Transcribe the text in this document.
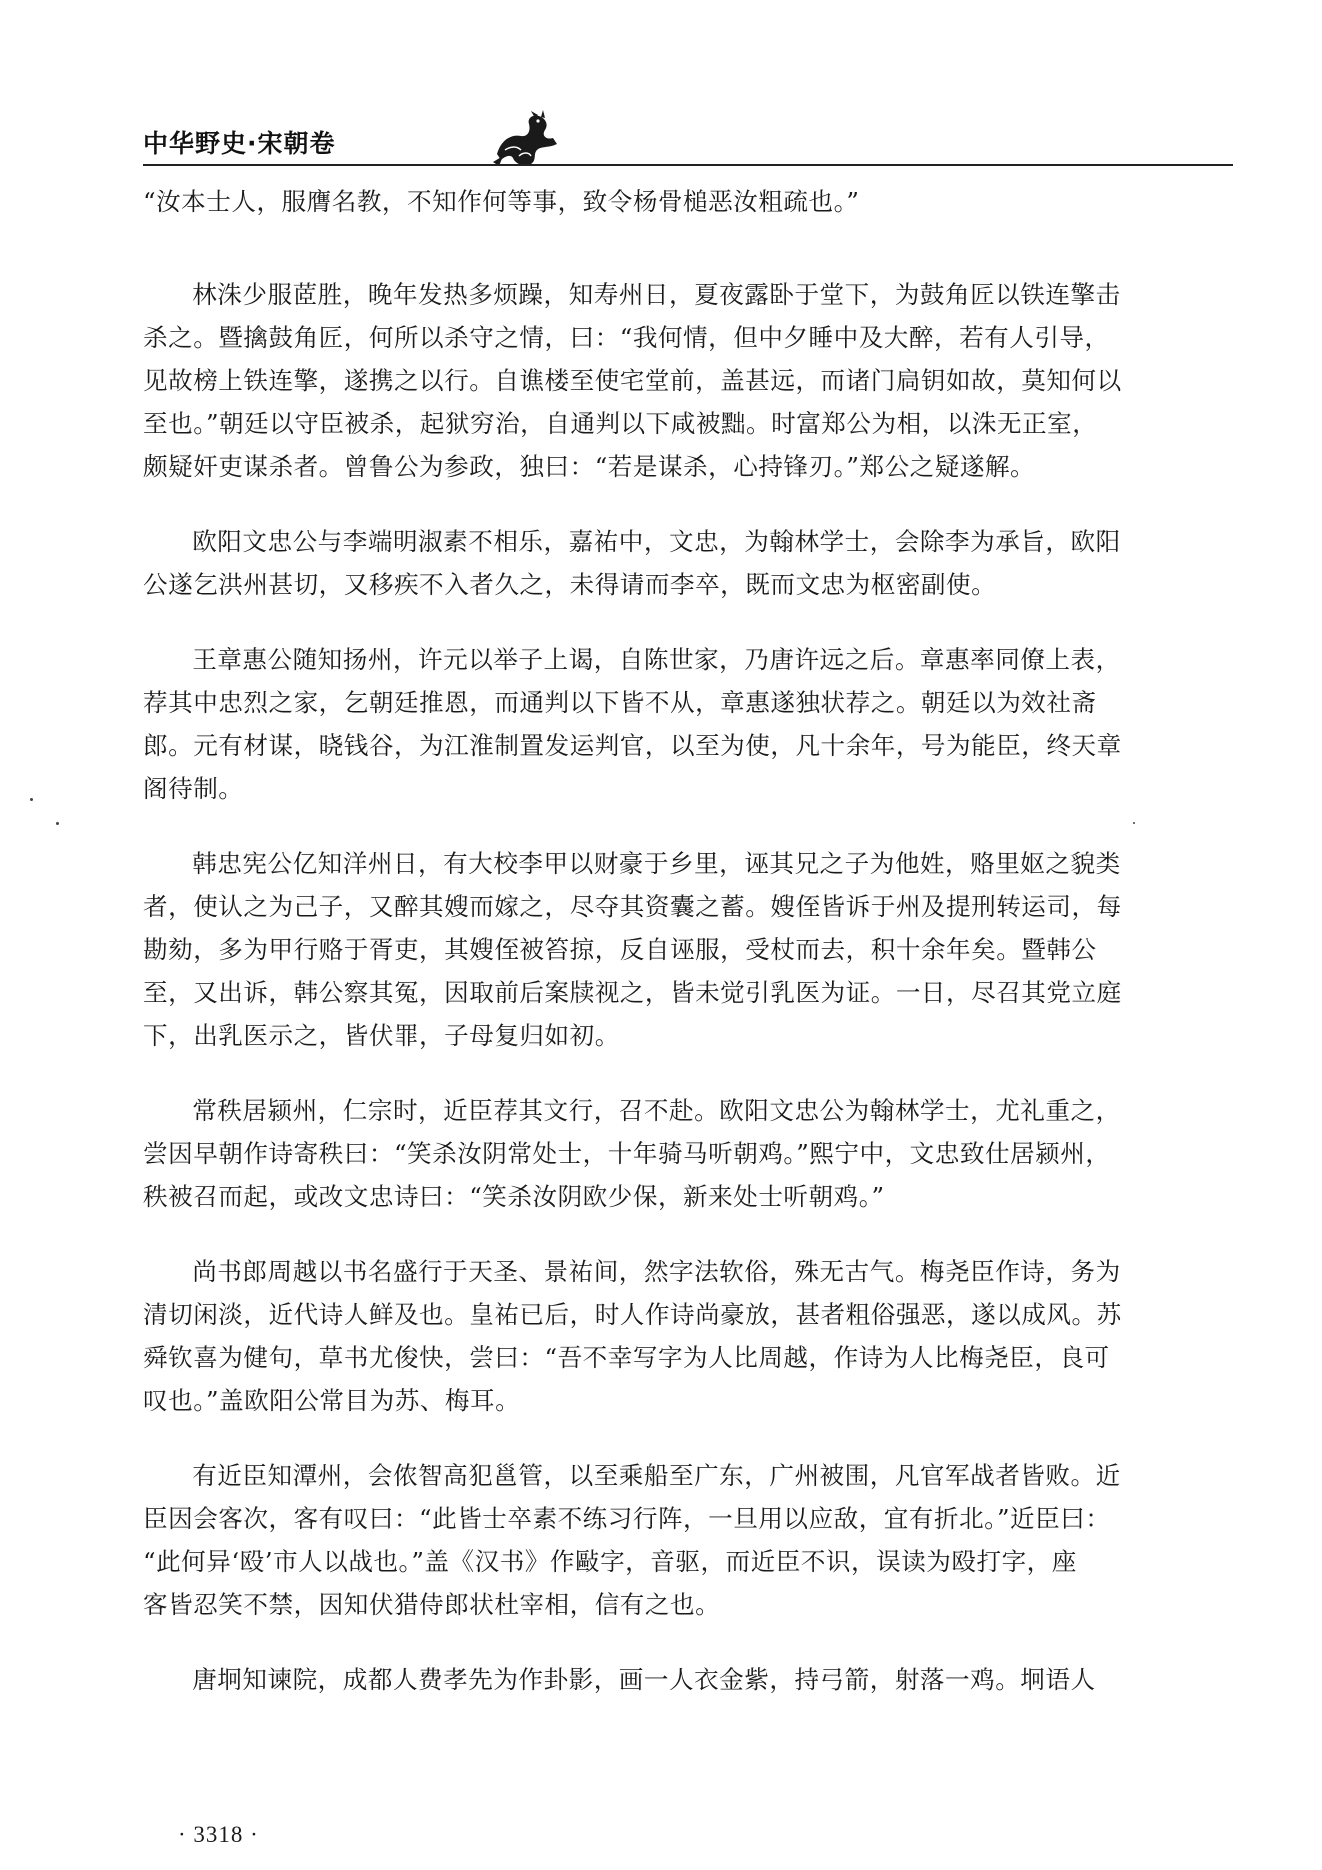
中华野史·宋朝卷

“汝本士人，服膺名教，不知作何等事，致令杨骨槌恶汝粗疏也。”

林洙少服茝胜，晚年发热多烦躁，知寿州日，夏夜露卧于堂下，为鼓角匠以铁连擎击
杀之。暨擒鼓角匠，何所以杀守之情，曰：“我何情，但中夕睡中及大醉，若有人引导，
见故榜上铁连擎，遂携之以行。自谯楼至使宅堂前，盖甚远，而诸门扃钥如故，莫知何以
至也。”朝廷以守臣被杀，起狱穷治，自通判以下咸被黜。时富郑公为相，以洙无正室，
颇疑奸吏谋杀者。曾鲁公为参政，独曰：“若是谋杀，心持锋刃。”郑公之疑遂解。

欧阳文忠公与李端明淑素不相乐，嘉祐中，文忠，为翰林学士，会除李为承旨，欧阳
公遂乞洪州甚切，又移疾不入者久之，未得请而李卒，既而文忠为枢密副使。

王章惠公随知扬州，许元以举子上谒，自陈世家，乃唐许远之后。章惠率同僚上表，
荐其中忠烈之家，乞朝廷推恩，而通判以下皆不从，章惠遂独状荐之。朝廷以为效社斋
郎。元有材谋，晓钱谷，为江淮制置发运判官，以至为使，凡十余年，号为能臣，终天章
阁待制。

韩忠宪公亿知洋州日，有大校李甲以财豪于乡里，诬其兄之子为他姓，赂里妪之貌类
者，使认之为己子，又醉其嫂而嫁之，尽夺其资囊之蓄。嫂侄皆诉于州及提刑转运司，每
勘劾，多为甲行赂于胥吏，其嫂侄被笞掠，反自诬服，受杖而去，积十余年矣。暨韩公
至，又出诉，韩公察其冤，因取前后案牍视之，皆未觉引乳医为证。一日，尽召其党立庭
下，出乳医示之，皆伏罪，子母复归如初。

常秩居颍州，仁宗时，近臣荐其文行，召不赴。欧阳文忠公为翰林学士，尤礼重之，
尝因早朝作诗寄秩曰：“笑杀汝阴常处士，十年骑马听朝鸡。”熙宁中，文忠致仕居颍州，
秩被召而起，或改文忠诗曰：“笑杀汝阴欧少保，新来处士听朝鸡。”

尚书郎周越以书名盛行于天圣、景祐间，然字法软俗，殊无古气。梅尧臣作诗，务为
清切闲淡，近代诗人鲜及也。皇祐已后，时人作诗尚豪放，甚者粗俗强恶，遂以成风。苏
舜钦喜为健句，草书尤俊快，尝曰：“吾不幸写字为人比周越，作诗为人比梅尧臣，良可
叹也。”盖欧阳公常目为苏、梅耳。

有近臣知潭州，会侬智高犯邕管，以至乘船至广东，广州被围，凡官军战者皆败。近
臣因会客次，客有叹曰：“此皆士卒素不练习行阵，一旦用以应敌，宜有折北。”近臣曰：
“此何异‘殴’市人以战也。”盖《汉书》作敺字，音驱，而近臣不识，误读为殴打字，座
客皆忍笑不禁，因知伏猎侍郎状杜宰相，信有之也。

唐坰知谏院，成都人费孝先为作卦影，画一人衣金紫，持弓箭，射落一鸡。坰语人

· 3318 ·
